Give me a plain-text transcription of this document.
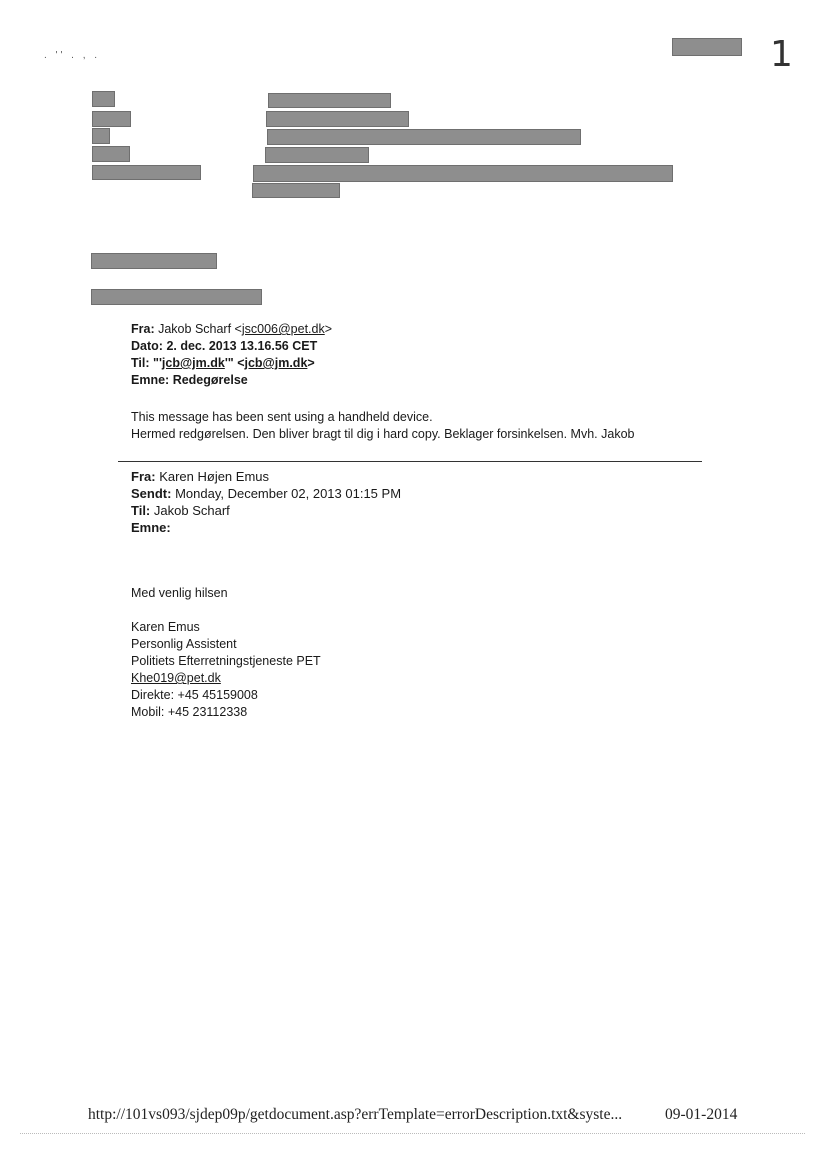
. '' . , .	1
Fra: Jakob Scharf <jsc006@pet.dk>
Dato: 2. dec. 2013 13.16.56 CET
Til: "'jcb@jm.dk'" <jcb@jm.dk>
Emne: Redegørelse
This message has been sent using a handheld device.
Hermed redgørelsen. Den bliver bragt til dig i hard copy. Beklager forsinkelsen. Mvh. Jakob
Fra: Karen Højen Emus
Sendt: Monday, December 02, 2013 01:15 PM
Til: Jakob Scharf
Emne:
Med venlig hilsen
Karen Emus
Personlig Assistent
Politiets Efterretningstjeneste PET
Khe019@pet.dk
Direkte: +45 45159008
Mobil: +45 23112338
http://101vs093/sjdep09p/getdocument.asp?errTemplate=errorDescription.txt&syste...	09-01-2014
